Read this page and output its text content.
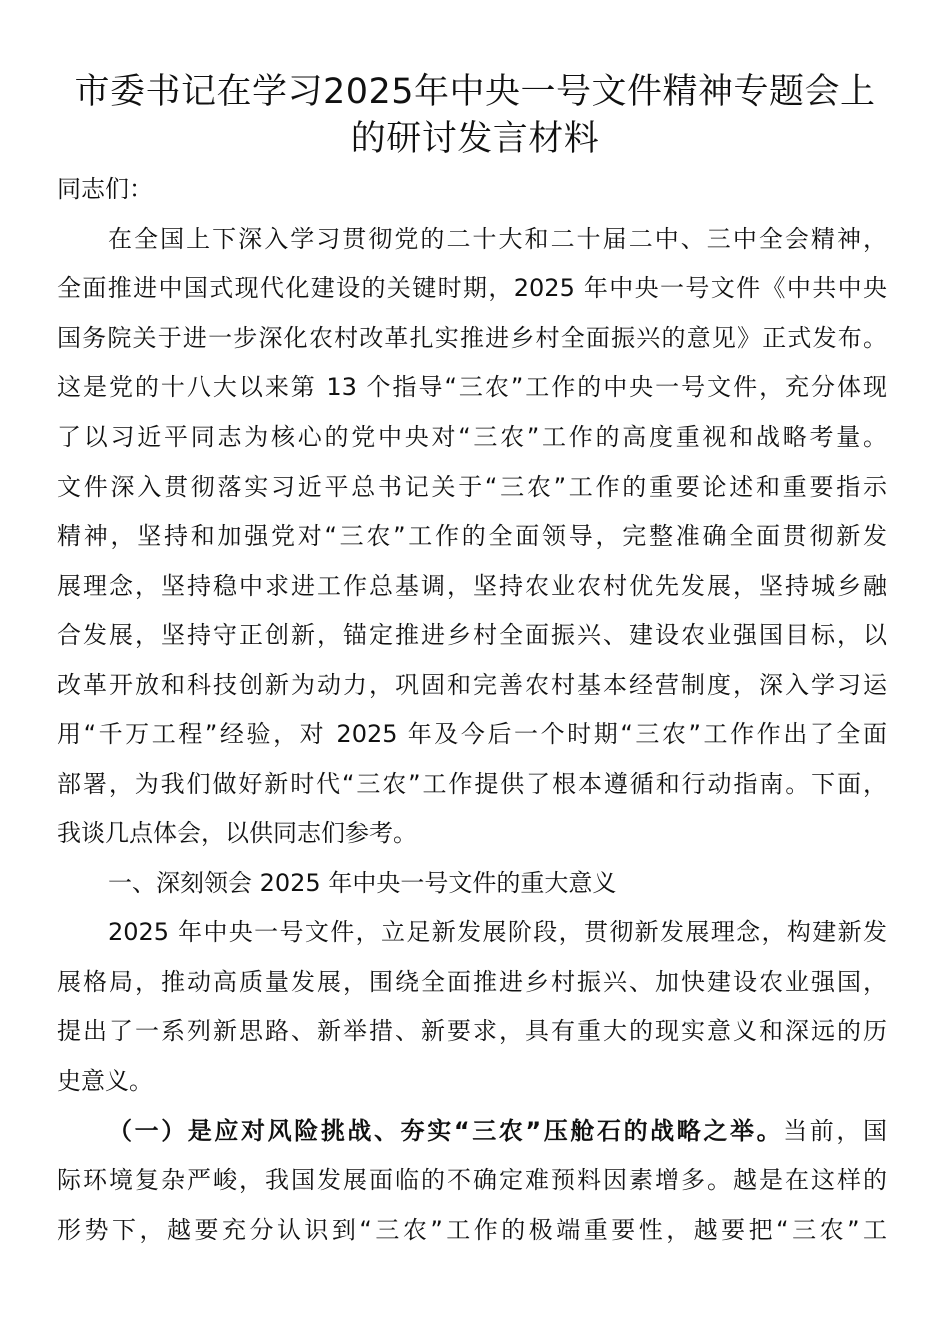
市委书记在学习2025年中央一号文件精神专题会上
的研讨发言材料
同志们：
在全国上下深入学习贯彻党的二十大和二十届二中、三中全会精神，
全面推进中国式现代化建设的关键时期，2025 年中央一号文件《中共中央
国务院关于进一步深化农村改革扎实推进乡村全面振兴的意见》正式发布。
这是党的十八大以来第 13 个指导“三农”工作的中央一号文件，充分体现
了以习近平同志为核心的党中央对“三农”工作的高度重视和战略考量。
文件深入贯彻落实习近平总书记关于“三农”工作的重要论述和重要指示
精神，坚持和加强党对“三农”工作的全面领导，完整准确全面贯彻新发
展理念，坚持稳中求进工作总基调，坚持农业农村优先发展，坚持城乡融
合发展，坚持守正创新，锚定推进乡村全面振兴、建设农业强国目标，以
改革开放和科技创新为动力，巩固和完善农村基本经营制度，深入学习运
用“千万工程”经验，对 2025 年及今后一个时期“三农”工作作出了全面
部署，为我们做好新时代“三农”工作提供了根本遵循和行动指南。下面，
我谈几点体会，以供同志们参考。
一、深刻领会 2025 年中央一号文件的重大意义
2025 年中央一号文件，立足新发展阶段，贯彻新发展理念，构建新发
展格局，推动高质量发展，围绕全面推进乡村振兴、加快建设农业强国，
提出了一系列新思路、新举措、新要求，具有重大的现实意义和深远的历
史意义。
（一）是应对风险挑战、夯实“三农”压舱石的战略之举。当前，国
际环境复杂严峻，我国发展面临的不确定难预料因素增多。越是在这样的
形势下，越要充分认识到“三农”工作的极端重要性，越要把“三农”工
